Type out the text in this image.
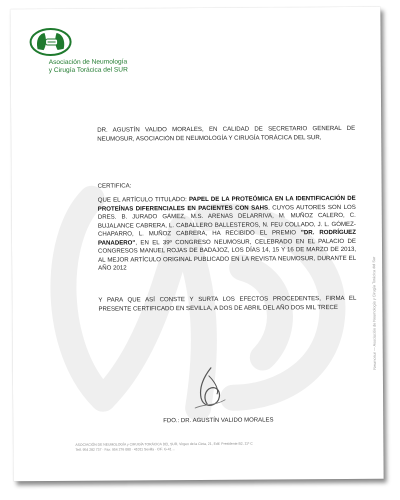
Asociación de Neumología
y Cirugía Torácica del SUR
Neumosur — Asociación de Neumología y Cirugía Torácica del Sur
DR. AGUSTÍN VALIDO MORALES, EN CALIDAD DE SECRETARIO GENERAL DE NEUMOSUR, ASOCIACIÓN DE NEUMOLOGÍA Y CIRUGÍA TORÁCICA DEL SUR,
CERTIFICA:
QUE EL ARTÍCULO TITULADO: PAPEL DE LA PROTEÓMICA EN LA IDENTIFICACIÓN DE PROTEÍNAS DIFERENCIALES EN PACIENTES CON SAHS, CUYOS AUTORES SON LOS DRES. B. JURADO GÁMEZ, M.S. ARENAS DELARRIVA, M. MUÑOZ CALERO, C. BUJALANCE CABRERA, L. CABALLERO BALLESTEROS, N. FEU COLLADO, J. L. GÓMEZ-CHAPARRO, L. MUÑOZ CABRERA, HA RECIBIDO EL PREMIO "DR. RODRÍGUEZ PANADERO", EN EL 39º CONGRESO NEUMOSUR, CELEBRADO EN EL PALACIO DE CONGRESOS MANUEL ROJAS DE BADAJOZ, LOS DÍAS 14, 15 Y 16 DE MARZO DE 2013, AL MEJOR ARTÍCULO ORIGINAL PUBLICADO EN LA REVISTA NEUMOSUR, DURANTE EL AÑO 2012
Y PARA QUE ASÍ CONSTE Y SURTA LOS EFECTOS PROCEDENTES, FIRMA EL PRESENTE CERTIFICADO EN SEVILLA, A DOS DE ABRIL DEL AÑO DOS MIL TRECE
FDO.: DR. AGUSTÍN VALIDO MORALES
ASOCIACIÓN DE NEUMOLOGÍA y CIRUGÍA TORÁCICA DEL SUR, Virgen de la Cinta, 21, Edif. Presidente B2, 11ª C
Telf. 954 282 737 · Fax: 954 276 080 · 41011 Sevilla · CIF. G-41 ...
